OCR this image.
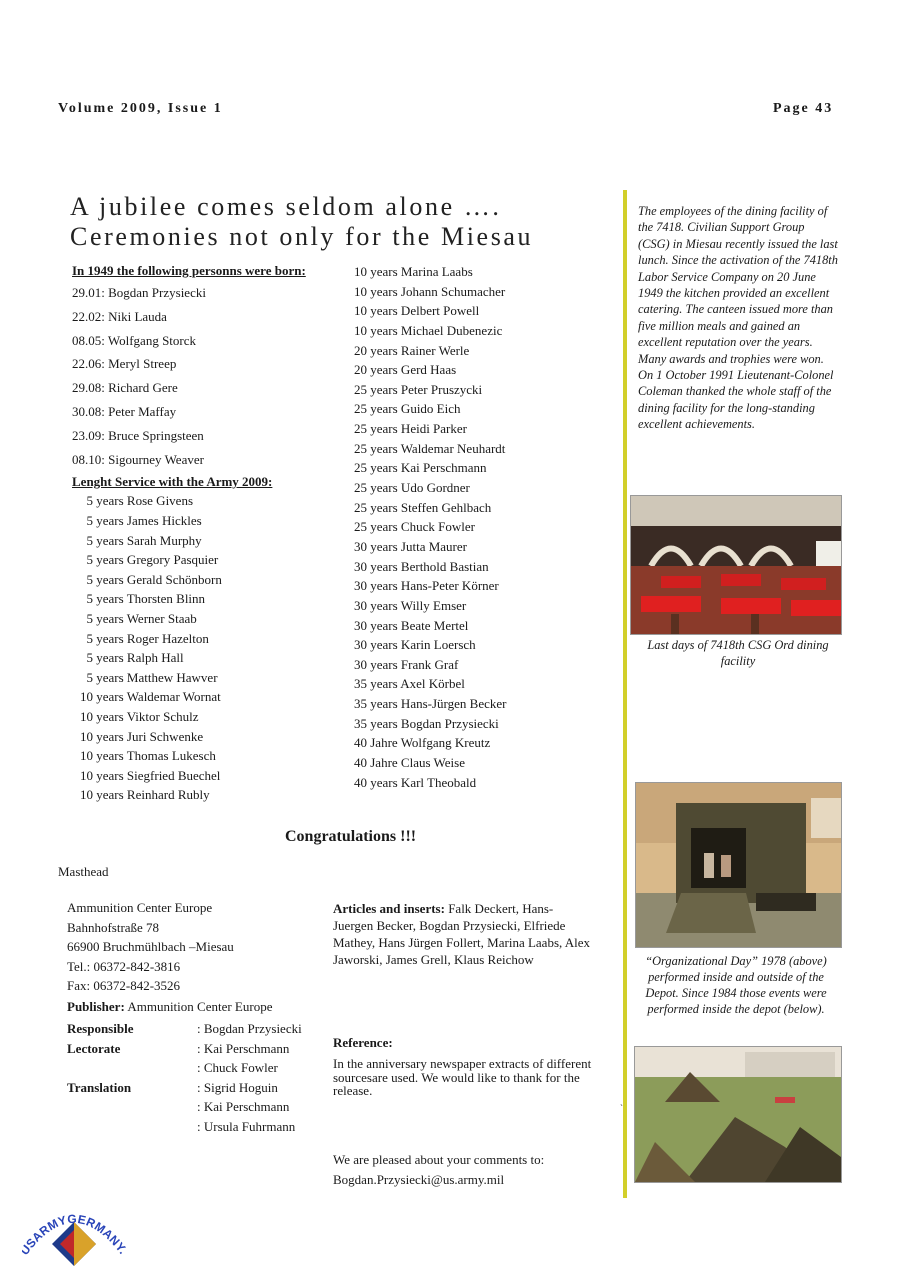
Volume 2009, Issue 1	Page 43
A jubilee comes seldom alone ….
Ceremonies not only for the Miesau
In 1949 the following personns were born:
29.01: Bogdan Przysiecki
22.02: Niki Lauda
08.05: Wolfgang Storck
22.06: Meryl Streep
29.08: Richard Gere
30.08: Peter Maffay
23.09: Bruce Springsteen
08.10: Sigourney Weaver
Lenght Service with the Army 2009:
5 years Rose Givens
5 years James Hickles
5 years Sarah Murphy
5 years Gregory Pasquier
5 years Gerald Schönborn
5 years Thorsten Blinn
5 years Werner Staab
5 years Roger Hazelton
5 years Ralph Hall
5 years Matthew Hawver
10 years Waldemar Wornat
10 years Viktor Schulz
10 years Juri Schwenke
10 years Thomas Lukesch
10 years Siegfried Buechel
10 years Reinhard Rubly
10 years Marina Laabs
10 years Johann Schumacher
10 years Delbert Powell
10 years Michael Dubenezic
20 years Rainer Werle
20 years Gerd Haas
25 years Peter Pruszycki
25 years Guido Eich
25 years Heidi Parker
25 years Waldemar Neuhardt
25 years Kai Perschmann
25 years Udo Gordner
25 years Steffen Gehlbach
25 years Chuck Fowler
30 years Jutta Maurer
30 years Berthold Bastian
30 years Hans-Peter Körner
30 years Willy Emser
30 years Beate Mertel
30 years Karin Loersch
30 years Frank Graf
35 years Axel Körbel
35 years Hans-Jürgen Becker
35 years Bogdan Przysiecki
40 Jahre Wolfgang Kreutz
40 Jahre Claus Weise
40 years Karl Theobald
Congratulations !!!
Masthead
Ammunition Center Europe
Bahnhofstraße 78
66900 Bruchmühlbach –Miesau
Tel.: 06372-842-3816
Fax: 06372-842-3526
Publisher: Ammunition Center Europe
Responsible	: Bogdan Przysiecki
Lectorate	: Kai Perschmann
: Chuck Fowler
Translation	: Sigrid Hoguin
: Kai Perschmann
: Ursula Fuhrmann
Articles and inserts: Falk Deckert, Hans-Juergen Becker, Bogdan Przysiecki, Elfriede Mathey, Hans Jürgen Follert, Marina Laabs, Alex Jaworski, James Grell, Klaus Reichow
Reference:
In the anniversary newspaper extracts of different sourcesare used. We would like to thank for the release.
We are pleased about your comments to:
Bogdan.Przysiecki@us.army.mil
The employees of the dining facility of the 7418. Civilian Support Group (CSG) in Miesau recently issued the last lunch. Since the activation of the 7418th Labor Service Company on 20 June 1949 the kitchen provided an excellent catering. The canteen issued more than five million meals and gained an excellent reputation over the years. Many awards and trophies were won. On 1 October 1991 Lieutenant-Colonel Coleman thanked the whole staff of the dining facility for the long-standing excellent achievements.
Last days of 7418th CSG Ord dining facility
“Organizational Day” 1978 (above) performed inside and outside of the Depot. Since 1984 those events were performed inside the depot (below).
`
SARMYGERMANY
